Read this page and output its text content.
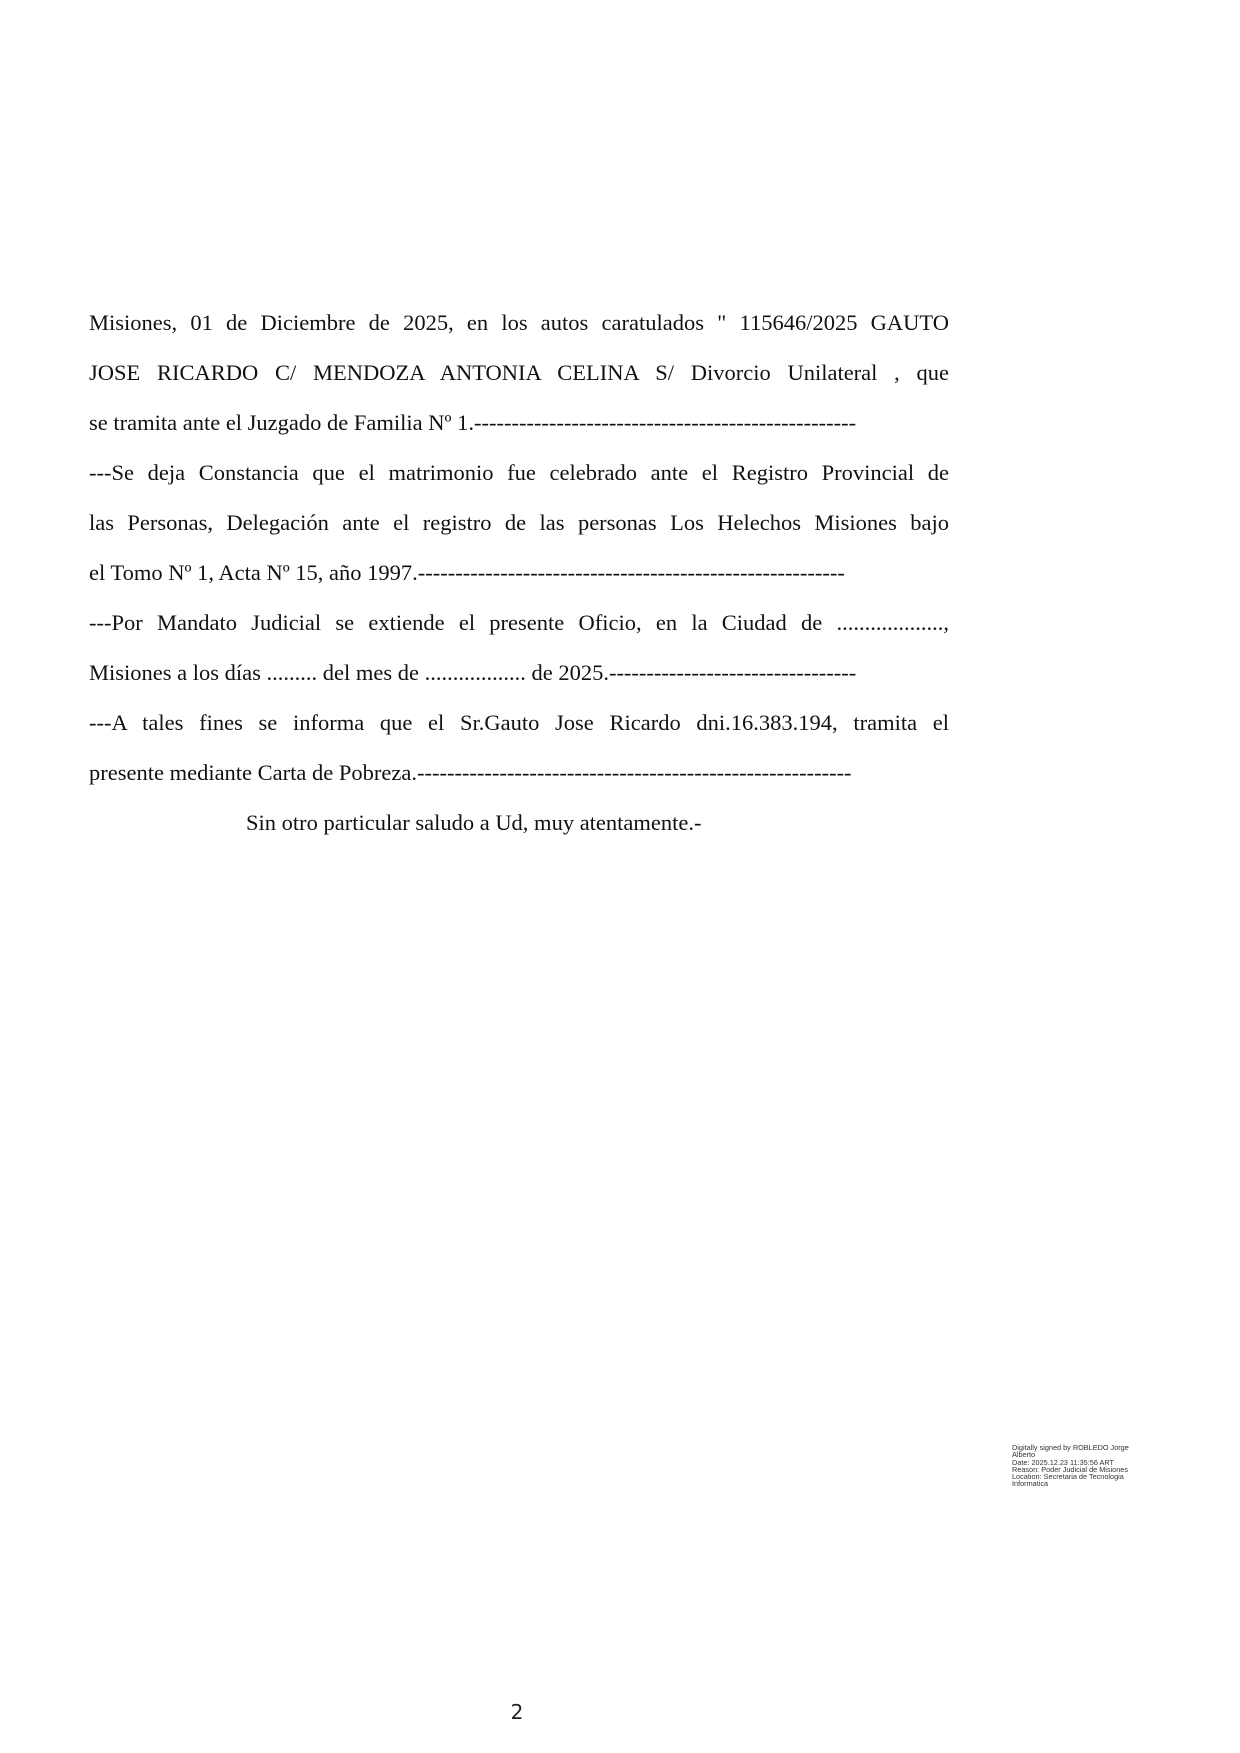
Misiones, 01 de Diciembre de 2025, en los autos caratulados " 115646/2025 GAUTO
JOSE RICARDO C/ MENDOZA ANTONIA CELINA S/ Divorcio Unilateral , que
se tramita ante el Juzgado de Familia Nº 1.---------------------------------------------------
---Se deja Constancia que el matrimonio fue celebrado ante el Registro Provincial de
las Personas, Delegación ante el registro de las personas Los Helechos Misiones bajo
el Tomo Nº 1, Acta Nº 15, año 1997.---------------------------------------------------------
---Por Mandato Judicial se extiende el presente Oficio, en la Ciudad de ...................,
Misiones a los días ......... del mes de .................. de 2025.---------------------------------
---A tales fines se informa que el Sr.Gauto Jose Ricardo dni.16.383.194, tramita el
presente mediante Carta de Pobreza.----------------------------------------------------------
Sin otro particular saludo a Ud, muy atentamente.-
Digitally signed by ROBLEDO Jorge
Alberto
Date: 2025.12.23 11:35:56 ART
Reason: Poder Judicial de Misiones
Location: Secretaria de Tecnologia
Informatica
2
